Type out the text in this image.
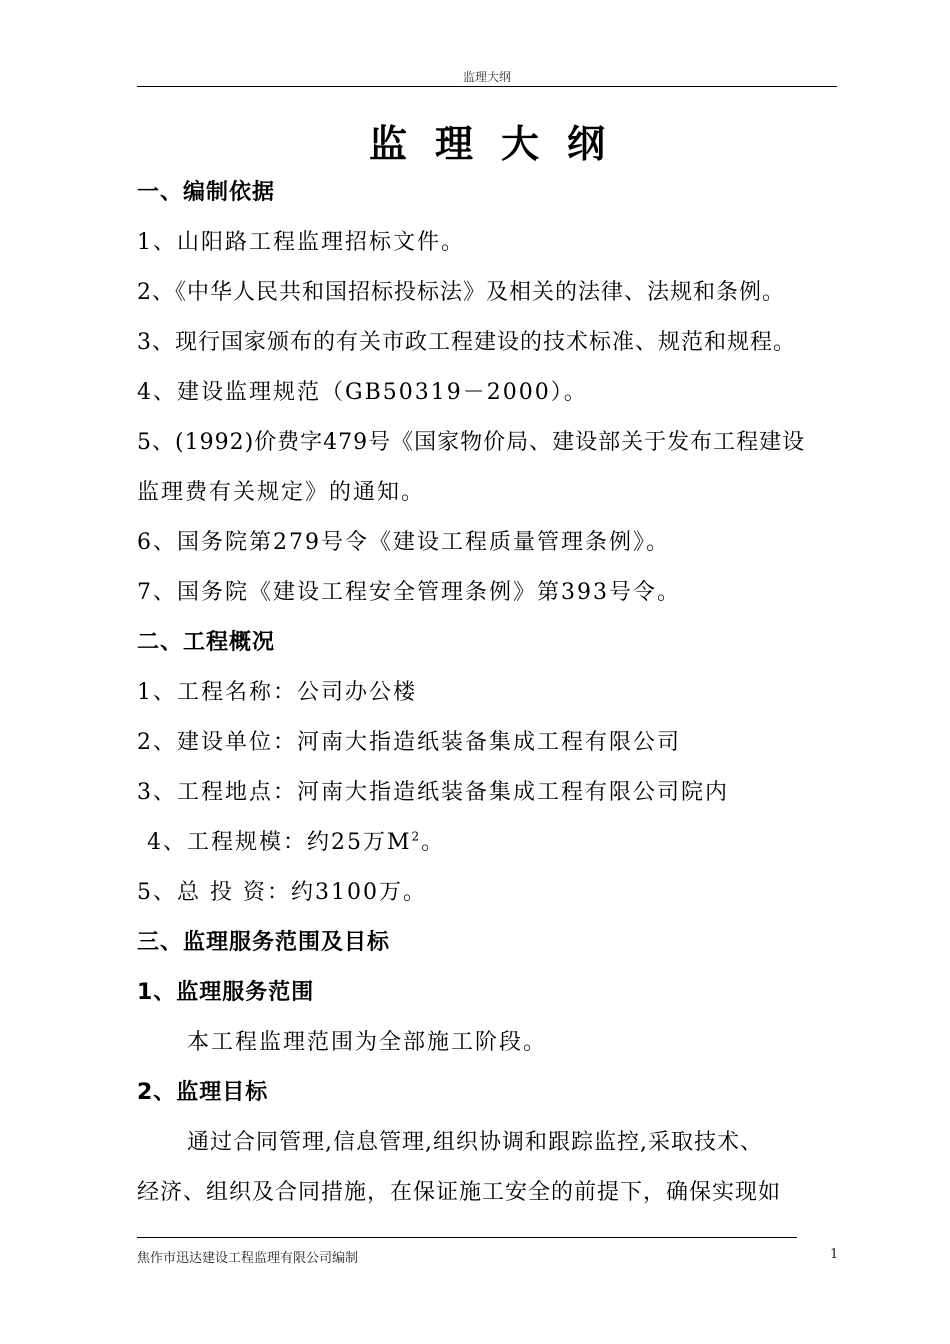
监理大纲
监理大纲
一、编制依据
1、山阳路工程监理招标文件。
2、《中华人民共和国招标投标法》及相关的法律、法规和条例。
3、现行国家颁布的有关市政工程建设的技术标准、规范和规程。
4、建设监理规范（GB50319－2000）。
5、(1992)价费字479号《国家物价局、建设部关于发布工程建设
监理费有关规定》的通知。
6、国务院第279号令《建设工程质量管理条例》。
7、国务院《建设工程安全管理条例》第393号令。
二、工程概况
1、工程名称：公司办公楼
2、建设单位：河南大指造纸装备集成工程有限公司
3、工程地点：河南大指造纸装备集成工程有限公司院内
4、工程规模：约25万$M^2$。
5、总 投 资：约3100万。
三、监理服务范围及目标
1、监理服务范围
本工程监理范围为全部施工阶段。
2、监理目标
通过合同管理,信息管理,组织协调和跟踪监控,采取技术、
经济、组织及合同措施，在保证施工安全的前提下，确保实现如
焦作市迅达建设工程监理有限公司编制	1
